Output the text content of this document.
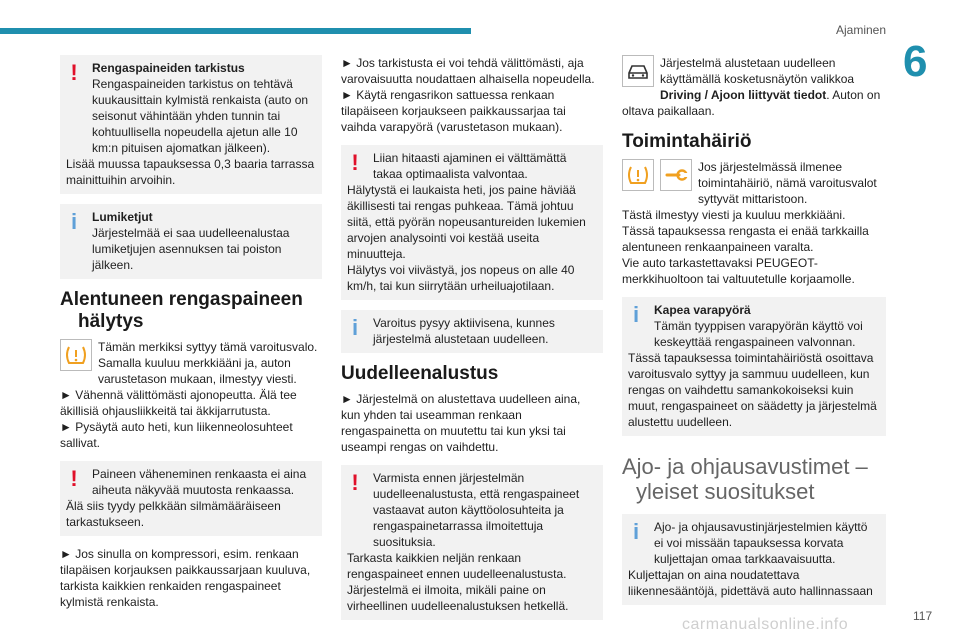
Ajaminen
6
!	Rengaspaineiden tarkistus
Rengaspaineiden tarkistus on tehtävä kuukausittain kylmistä renkaista (auto on seisonut vähintään yhden tunnin tai kohtuullisella nopeudella ajetun alle 10 km:n pituisen ajomatkan jälkeen).
Lisää muussa tapauksessa 0,3 baaria tarrassa mainittuihin arvoihin.
i	Lumiketjut
Järjestelmää ei saa uudelleenalustaa lumiketjujen asennuksen tai poiston jälkeen.
Alentuneen rengaspaineen
hälytys
Tämän merkiksi syttyy tämä varoitusvalo. Samalla kuuluu merkkiääni ja, auton varustetason mukaan, ilmestyy viesti.

► Vähennä välittömästi ajonopeutta. Älä tee äkillisiä ohjausliikkeitä tai äkkijarrutusta.

► Pysäytä auto heti, kun liikenneolosuhteet sallivat.

!	Paineen väheneminen renkaasta ei aina aiheuta näkyvää muutosta renkaassa.
Älä siis tyydy pelkkään silmämääräiseen tarkastukseen.

► Jos sinulla on kompressori, esim. renkaan tilapäisen korjauksen paikkaussarjaan kuuluva, tarkista kaikkien renkaiden rengaspaineet kylmistä renkaista.

► Jos tarkistusta ei voi tehdä välittömästi, aja varovaisuutta noudattaen alhaisella nopeudella.

► Käytä rengasrikon sattuessa renkaan tilapäiseen korjaukseen paikkaussarjaa tai vaihda varapyörä (varustetason mukaan).

!	Liian hitaasti ajaminen ei välttämättä takaa optimaalista valvontaa.
Hälytystä ei laukaista heti, jos paine häviää äkillisesti tai rengas puhkeaa. Tämä johtuu siitä, että pyörän nopeusantureiden lukemien arvojen analysointi voi kestää useita minuutteja.
Hälytys voi viivästyä, jos nopeus on alle 40 km/h, tai kun siirrytään urheiluajotilaan.
i	Varoitus pysyy aktiivisena, kunnes järjestelmä alustetaan uudelleen.
Uudelleenalustus

► Järjestelmä on alustettava uudelleen aina, kun yhden tai useamman renkaan rengaspainetta on muutettu tai kun yksi tai useampi rengas on vaihdettu.

!	Varmista ennen järjestelmän uudelleenalustusta, että rengaspaineet vastaavat auton käyttöolosuhteita ja rengaspainetarrassa ilmoitettuja suosituksia.
Tarkasta kaikkien neljän renkaan rengaspaineet ennen uudelleenalustusta.
Järjestelmä ei ilmoita, mikäli paine on virheellinen uudelleenalustuksen hetkellä.
Järjestelmä alustetaan uudelleen käyttämällä kosketusnäytön valikkoa Driving / Ajoon liittyvät tiedot. Auton on oltava paikallaan.
Toimintahäiriö
Jos järjestelmässä ilmenee toimintahäiriö, nämä varoitusvalot syttyvät mittaristoon.

Tästä ilmestyy viesti ja kuuluu merkkiääni.

Tässä tapauksessa rengasta ei enää tarkkailla alentuneen renkaanpaineen varalta.

Vie auto tarkastettavaksi PEUGEOT-merkkihuoltoon tai valtuutetulle korjaamolle.

i	Kapea varapyörä
Tämän tyyppisen varapyörän käyttö voi keskeyttää rengaspaineen valvonnan.
Tässä tapauksessa toimintahäiriöstä osoittava varoitusvalo syttyy ja sammuu uudelleen, kun rengas on vaihdettu samankokoiseksi kuin muut, rengaspaineet on säädetty ja järjestelmä alustettu uudelleen.
Ajo- ja ohjausavustimet –
yleiset suositukset
i	Ajo- ja ohjausavustinjärjestelmien käyttö ei voi missään tapauksessa korvata kuljettajan omaa tarkkaavaisuutta.
Kuljettajan on aina noudatettava liikennesääntöjä, pidettävä auto hallinnassaan
117
carmanualsonline.info
